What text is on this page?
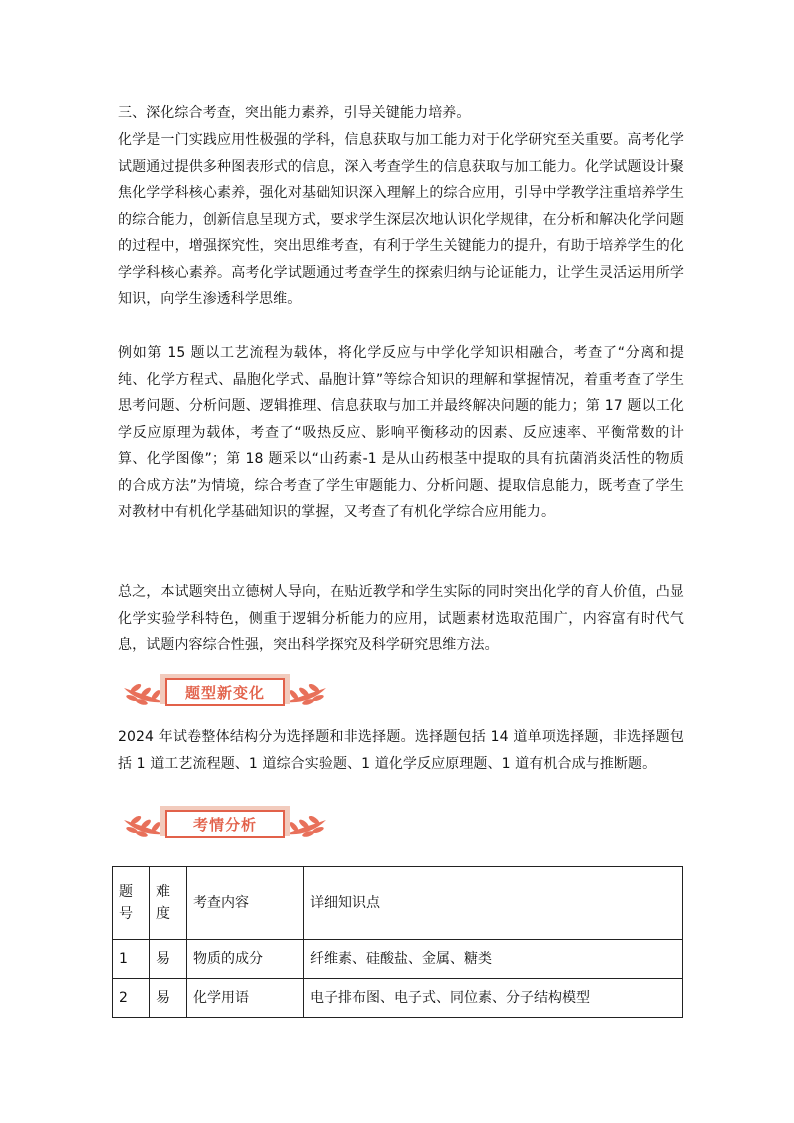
三、深化综合考查，突出能力素养，引导关键能力培养。

化学是一门实践应用性极强的学科，信息获取与加工能力对于化学研究至关重要。高考化学试题通过提供多种图表形式的信息，深入考查学生的信息获取与加工能力。化学试题设计聚焦化学学科核心素养，强化对基础知识深入理解上的综合应用，引导中学教学注重培养学生的综合能力，创新信息呈现方式，要求学生深层次地认识化学规律，在分析和解决化学问题的过程中，增强探究性，突出思维考查，有利于学生关键能力的提升，有助于培养学生的化学学科核心素养。高考化学试题通过考查学生的探索归纳与论证能力，让学生灵活运用所学知识，向学生渗透科学思维。

例如第 15 题以工艺流程为载体，将化学反应与中学化学知识相融合，考查了“分离和提纯、化学方程式、晶胞化学式、晶胞计算”等综合知识的理解和掌握情况，着重考查了学生思考问题、分析问题、逻辑推理、信息获取与加工并最终解决问题的能力；第 17 题以工化学反应原理为载体，考查了“吸热反应、影响平衡移动的因素、反应速率、平衡常数的计算、化学图像”；第 18 题采以“山药素-1 是从山药根茎中提取的具有抗菌消炎活性的物质的合成方法”为情境，综合考查了学生审题能力、分析问题、提取信息能力，既考查了学生对教材中有机化学基础知识的掌握，又考查了有机化学综合应用能力。

总之，本试题突出立德树人导向，在贴近教学和学生实际的同时突出化学的育人价值，凸显化学实验学科特色，侧重于逻辑分析能力的应用，试题素材选取范围广，内容富有时代气息，试题内容综合性强，突出科学探究及科学研究思维方法。

题型新变化

2024 年试卷整体结构分为选择题和非选择题。选择题包括 14 道单项选择题，非选择题包括 1 道工艺流程题、1 道综合实验题、1 道化学反应原理题、1 道有机合成与推断题。

考情分析
题号	难度	考查内容	详细知识点
1	易	物质的成分	纤维素、硅酸盐、金属、糖类
2	易	化学用语	电子排布图、电子式、同位素、分子结构模型
